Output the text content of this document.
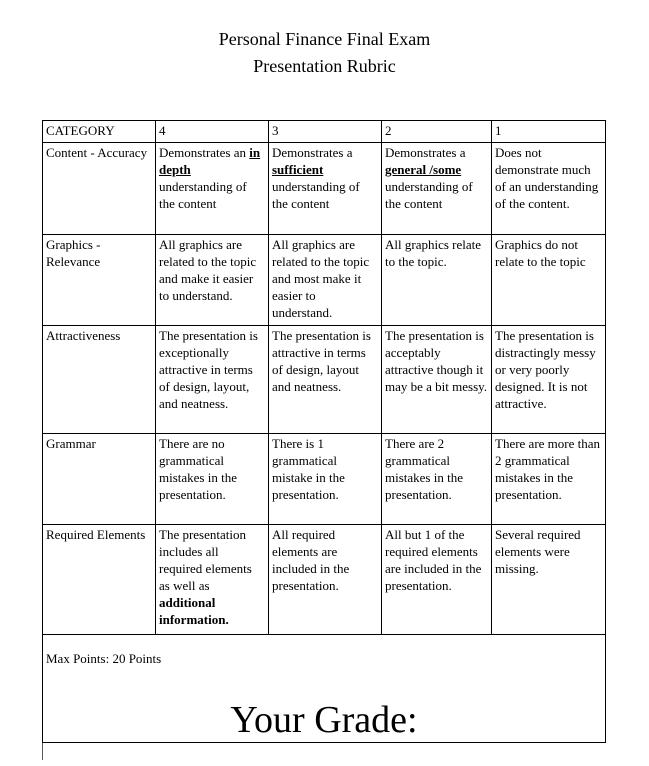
Personal Finance Final Exam
Presentation Rubric
CATEGORY	4	3	2	1
Content - Accuracy	Demonstrates an in depth understanding of the content	Demonstrates a sufficient understanding of the content	Demonstrates a general /some understanding of the content	Does not demonstrate much of an understanding of the content.
Graphics - Relevance	All graphics are related to the topic and make it easier to understand.	All graphics are related to the topic and most make it easier to understand.	All graphics relate to the topic.	Graphics do not relate to the topic
Attractiveness	The presentation is exceptionally attractive in terms of design, layout, and neatness.	The presentation is attractive in terms of design, layout and neatness.	The presentation is acceptably attractive though it may be a bit messy.	The presentation is distractingly messy or very poorly designed. It is not attractive.
Grammar	There are no grammatical mistakes in the presentation.	There is 1 grammatical mistake in the presentation.	There are 2 grammatical mistakes in the presentation.	There are more than 2 grammatical mistakes in the presentation.
Required Elements	The presentation includes all required elements as well as additional information.	All required elements are included in the presentation.	All but 1 of the required elements are included in the presentation.	Several required elements were missing.

Max Points: 20 Points
Your Grade:				
